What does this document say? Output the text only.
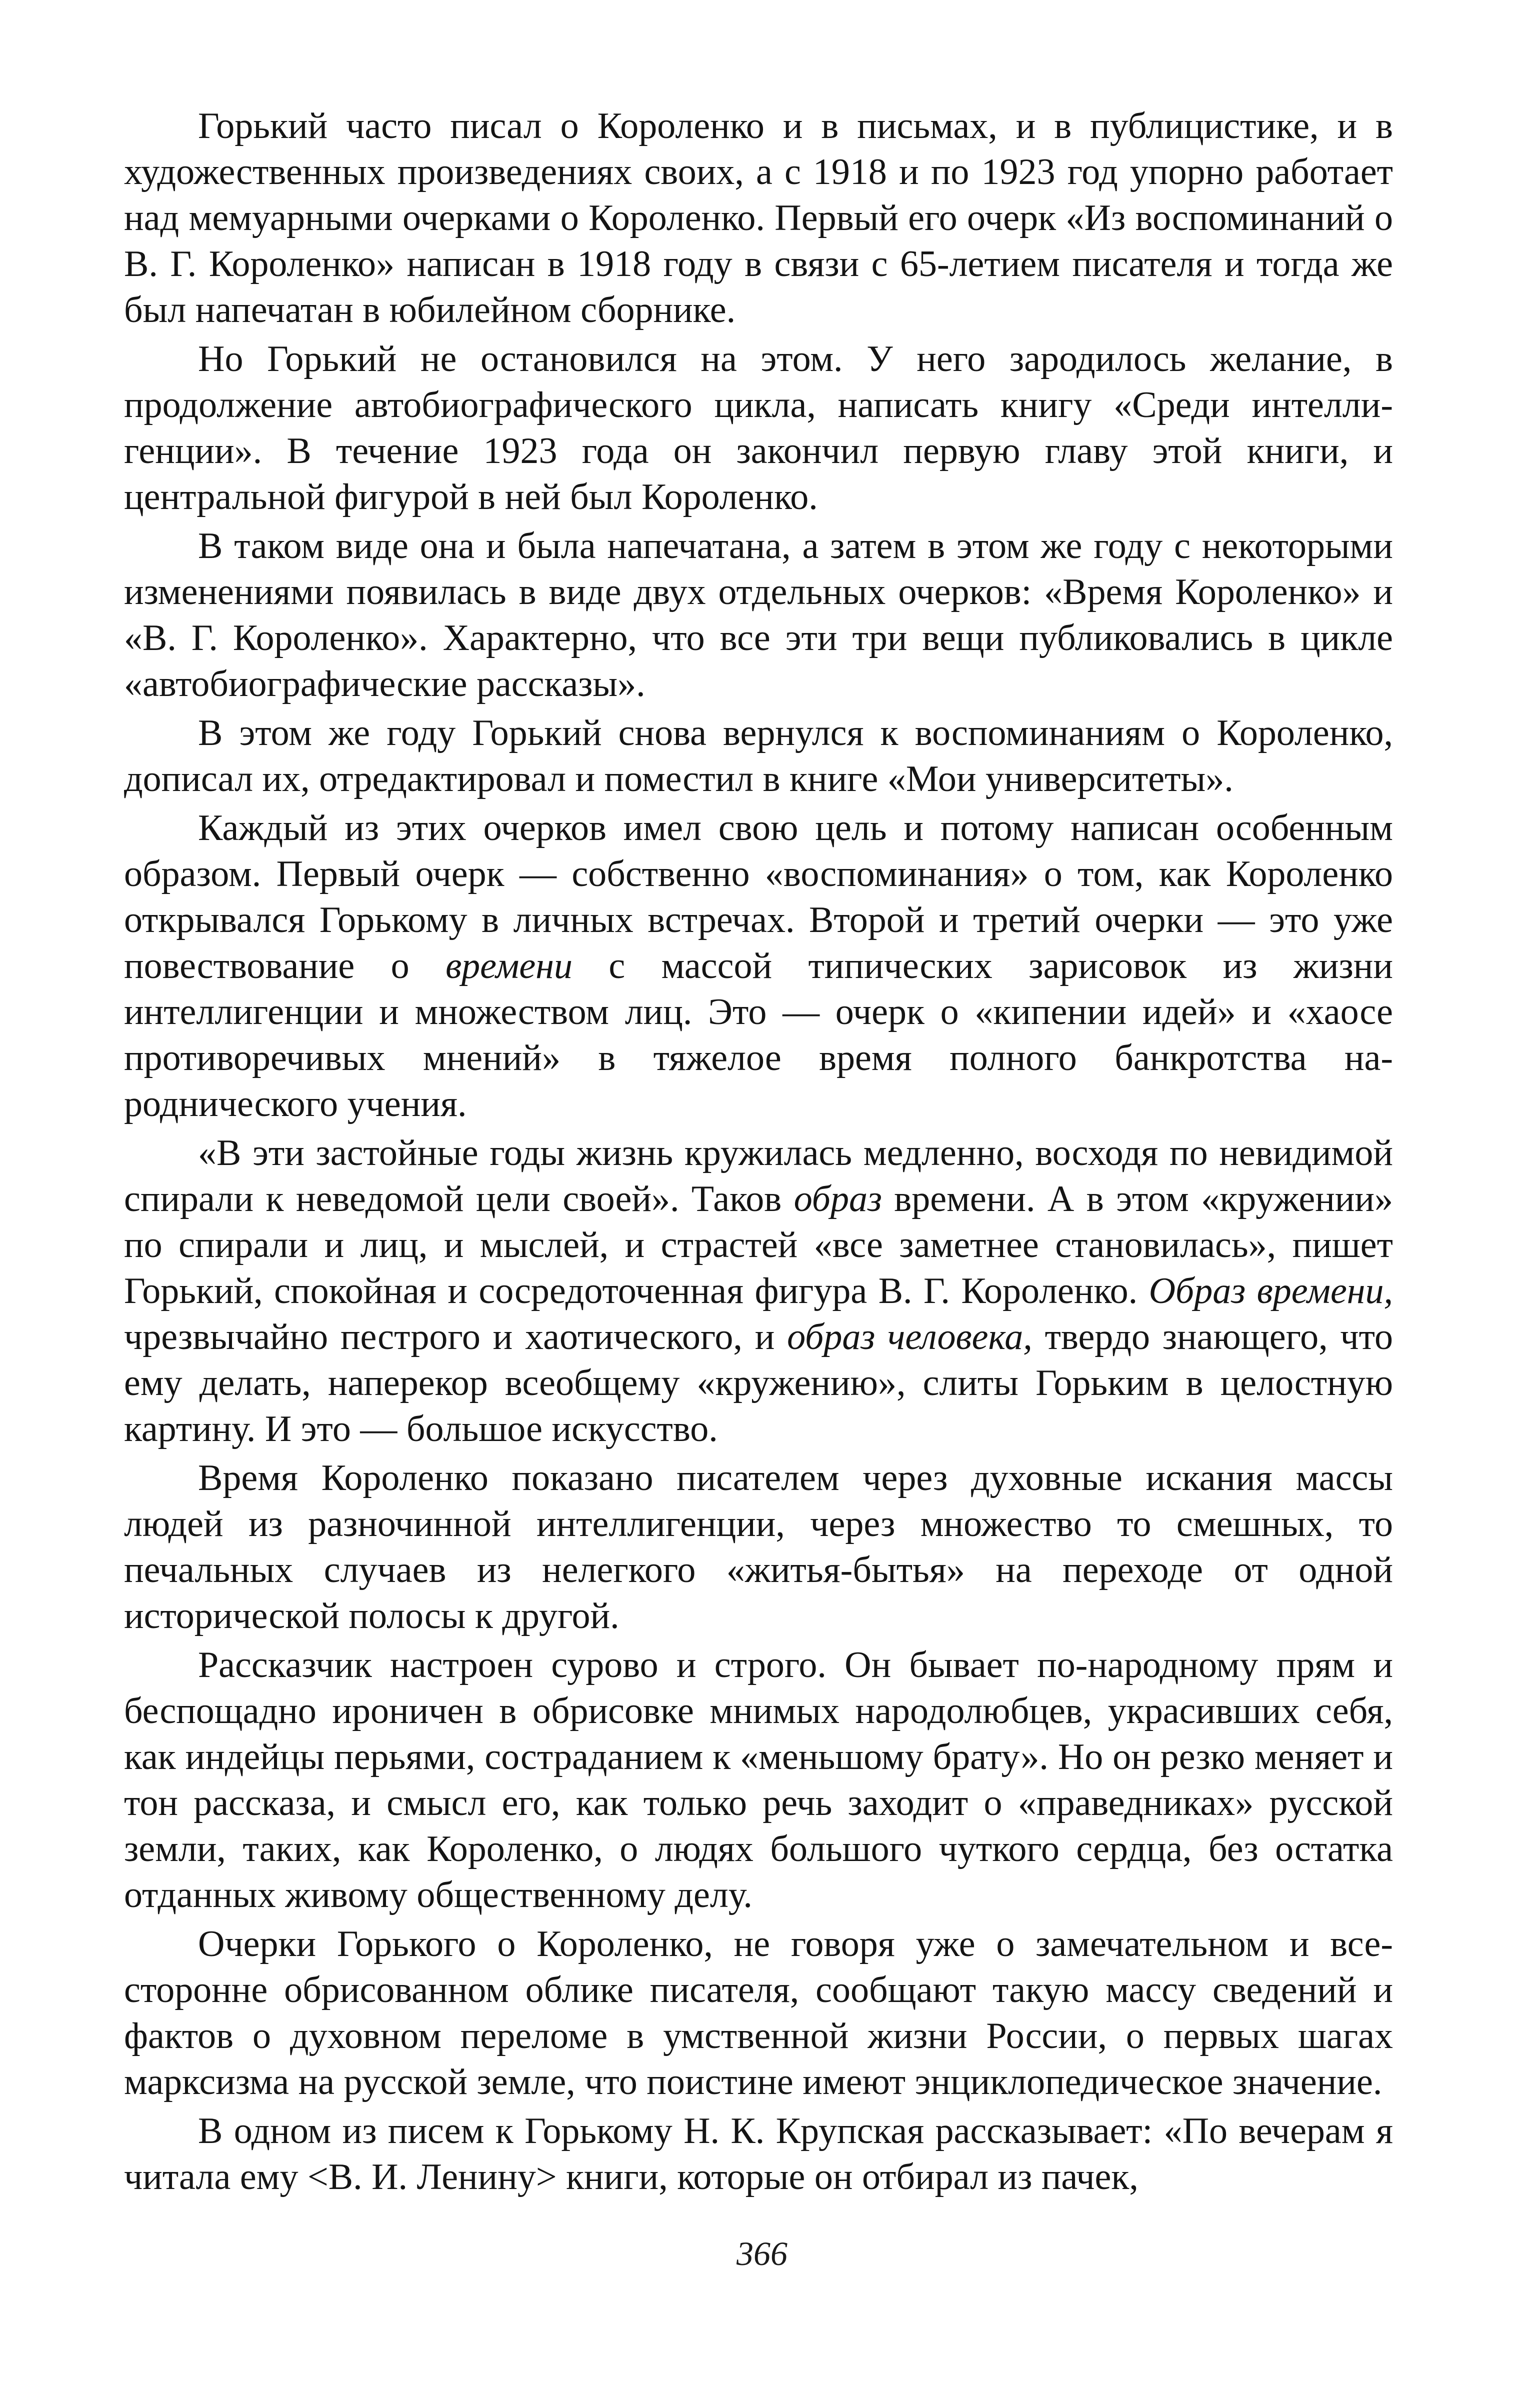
Горький часто писал о Короленко и в письмах, и в публицистике, и в художественных произведениях своих, а с 1918 и по 1923 год упорно работает над мемуарными очерками о Короленко. Первый его очерк «Из воспоминаний о В. Г. Короленко» написан в 1918 году в связи с 65-летием писателя и тогда же был напечатан в юбилейном сборнике.

Но Горький не остановился на этом. У него зародилось желание, в продолжение автобиографического цикла, написать книгу «Среди интеллигенции». В течение 1923 года он закончил первую главу этой книги, и центральной фигурой в ней был Короленко.

В таком виде она и была напечатана, а затем в этом же году с некоторыми изменениями появилась в виде двух отдельных очерков: «Время Короленко» и «В. Г. Короленко». Характерно, что все эти три вещи публиковались в цикле «автобиографические рассказы».

В этом же году Горький снова вернулся к воспоминаниям о Короленко, дописал их, отредактировал и поместил в книге «Мои университеты».

Каждый из этих очерков имел свою цель и потому написан особенным образом. Первый очерк — собственно «воспоминания» о том, как Короленко открывался Горькому в личных встречах. Второй и третий очерки — это уже повествование о времени с массой типических зарисовок из жизни интеллигенции и множеством лиц. Это — очерк о «кипении идей» и «хаосе противоречивых мнений» в тяжелое время полного банкротства народнического учения.

«В эти застойные годы жизнь кружилась медленно, восходя по невидимой спирали к неведомой цели своей». Таков образ времени. А в этом «кружении» по спирали и лиц, и мыслей, и страстей «все заметнее становилась», пишет Горький, спокойная и сосредоточенная фигура В. Г. Короленко. Образ времени, чрезвычайно пестрого и хаотического, и образ человека, твердо знающего, что ему делать, наперекор всеобщему «кружению», слиты Горьким в целостную картину. И это — большое искусство.

Время Короленко показано писателем через духовные искания массы людей из разночинной интеллигенции, через множество то смешных, то печальных случаев из нелегкого «житья-бытья» на переходе от одной исторической полосы к другой.

Рассказчик настроен сурово и строго. Он бывает по-народному прям и беспощадно ироничен в обрисовке мнимых народолюбцев, украсивших себя, как индейцы перьями, состраданием к «меньшому брату». Но он резко меняет и тон рассказа, и смысл его, как только речь заходит о «праведниках» русской земли, таких, как Короленко, о людях большого чуткого сердца, без остатка отданных живому общественному делу.

Очерки Горького о Короленко, не говоря уже о замечательном и всесторонне обрисованном облике писателя, сообщают такую массу сведений и фактов о духовном переломе в умственной жизни России, о первых шагах марксизма на русской земле, что поистине имеют энциклопедическое значение.

В одном из писем к Горькому Н. К. Крупская рассказывает: «По вечерам я читала ему <В. И. Ленину> книги, которые он отбирал из пачек,

366
